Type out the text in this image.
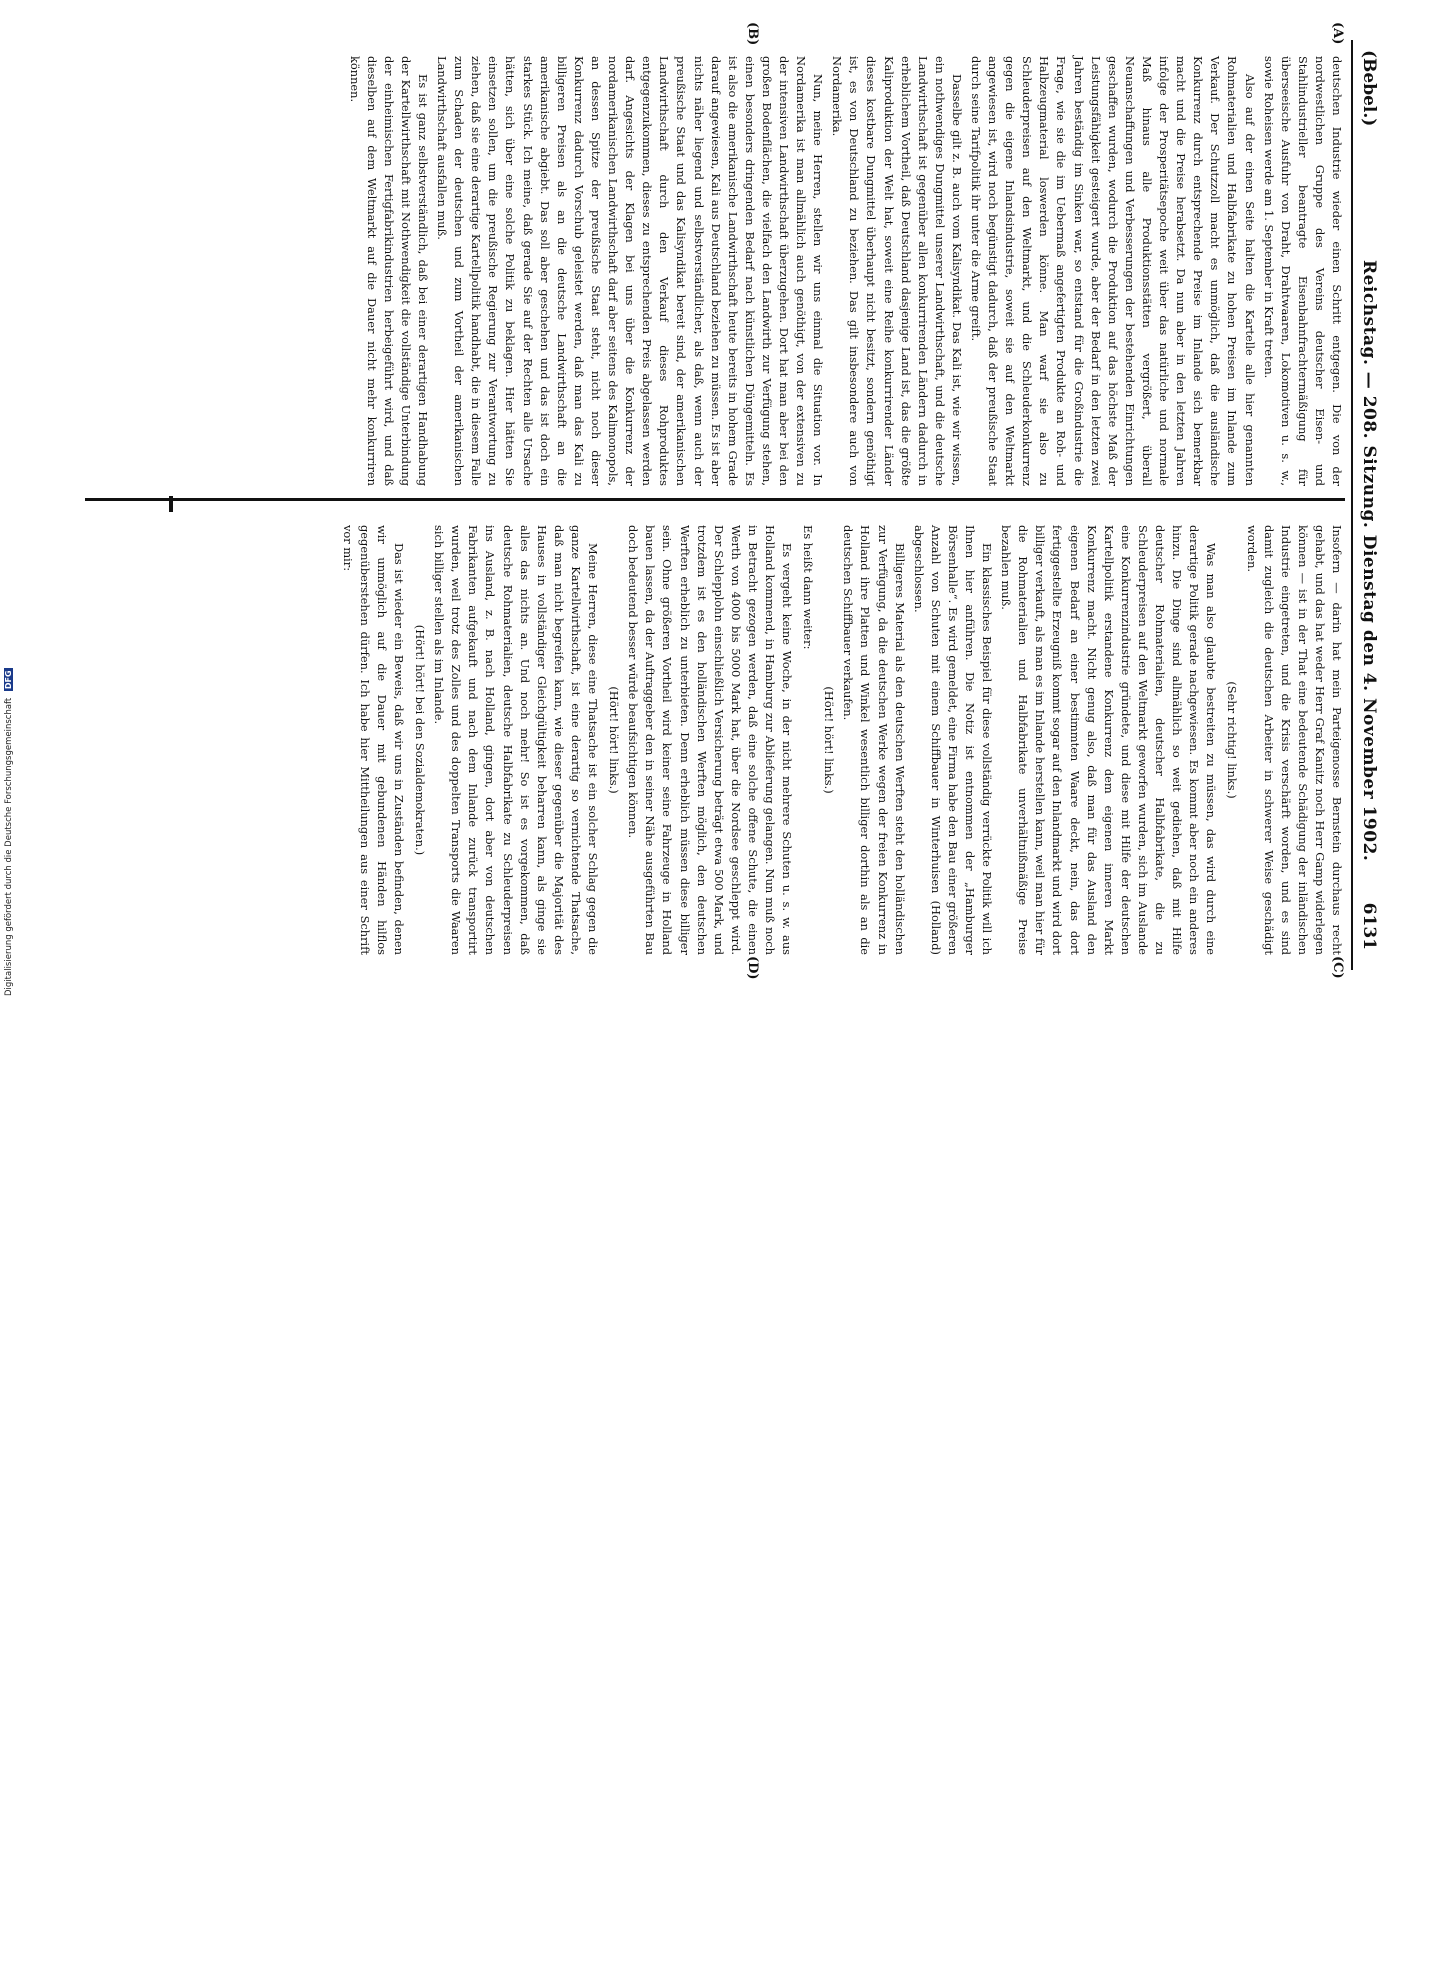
(Bebel.)
Reichstag. — 208. Sitzung. Dienstag den 4. November 1902.
6131
(A)
(B)
(C)
(D)

deutschen Industrie wieder einen Schritt entgegen. Die von der nordwestlichen Gruppe des Vereins deutscher Eisen- und Stahlindustrieller beantragte Eisenbahnfrachtermäßigung für überseeische Ausfuhr von Draht, Drahtwaaren, Lokomotiven u. s. w., sowie Roheisen werde am 1. September in Kraft treten.

Also auf der einen Seite halten die Kartelle alle hier genannten Rohmaterialien und Halbfabrikate zu hohen Preisen im Inlande zum Verkauf. Der Schutzzoll macht es unmöglich, daß die ausländische Konkurrenz durch entsprechende Preise im Inlande sich bemerkbar macht und die Preise herabsetzt. Da nun aber in den letzten Jahren infolge der Prosperitätsepoche weit über das natürliche und normale Maß hinaus alle Produktionsstätten vergrößert, überall Neuanschaffungen und Verbesserungen der bestehenden Einrichtungen geschaffen wurden, wodurch die Produktion auf das höchste Maß der Leistungsfähigkeit gesteigert wurde, aber der Bedarf in den letzten zwei Jahren beständig im Sinken war, so entstand für die Großindustrie die Frage, wie sie die im Uebermaß angefertigten Produkte an Roh- und Halbzeugmaterial loswerden könne. Man warf sie also zu Schleuderpreisen auf den Weltmarkt, und die Schleuderkonkurrenz gegen die eigene Inlandsindustrie, soweit sie auf den Weltmarkt angewiesen ist, wird noch begünstigt dadurch, daß der preußische Staat durch seine Tarifpolitik ihr unter die Arme greift.

Dasselbe gilt z. B. auch vom Kalisyndikat. Das Kali ist, wie wir wissen, ein nothwendiges Dungmittel unserer Landwirthschaft, und die deutsche Landwirthschaft ist gegenüber allen konkurrirenden Ländern dadurch in erheblichem Vortheil, daß Deutschland dasjenige Land ist, das die größte Kaliproduktion der Welt hat, soweit eine Reihe konkurrirender Länder dieses kostbare Dungmittel überhaupt nicht besitzt, sondern genöthigt ist, es von Deutschland zu beziehen. Das gilt insbesondere auch von Nordamerika.

Nun, meine Herren, stellen wir uns einmal die Situation vor. In Nordamerika ist man allmählich auch genöthigt, von der extensiven zu der intensiven Landwirthschaft überzugehen. Dort hat man aber bei den großen Bodenflächen, die vielfach den Landwirth zur Verfügung stehen, einen besonders dringenden Bedarf nach künstlichen Düngemitteln. Es ist also die amerikanische Landwirthschaft heute bereits in hohem Grade darauf angewiesen, Kali aus Deutschland beziehen zu müssen. Es ist aber nichts näher liegend und selbstverständlicher, als daß, wenn auch der preußische Staat und das Kalisyndikat bereit sind, der amerikanischen Landwirthschaft durch den Verkauf dieses Rohproduktes entgegenzukommen, dieses zu entsprechenden Preis abgelassen werden darf. Angesichts der Klagen bei uns über die Konkurrenz der nordamerikanischen Landwirthschaft darf aber seitens des Kalimonopols, an dessen Spitze der preußische Staat steht, nicht noch dieser Konkurrenz dadurch Vorschub geleistet werden, daß man das Kali zu billigeren Preisen als an die deutsche Landwirthschaft an die amerikanische abgiebt. Das soll aber geschehen und das ist doch ein starkes Stück. Ich meine, daß gerade Sie auf der Rechten alle Ursache hätten, sich über eine solche Politik zu beklagen. Hier hätten Sie einsetzen sollen, um die preußische Regierung zur Verantwortung zu ziehen, daß sie eine derartige Kartellpolitik handhabt, die in diesem Falle zum Schaden der deutschen und zum Vortheil der amerikanischen Landwirthschaft ausfallen muß.

Es ist ganz selbstverständlich, daß bei einer derartigen Handhabung der Kartellwirthschaft mit Nothwendigkeit die vollständige Unterbindung der einheimischen Fertigfabrikindustrien herbeigeführt wird, und daß dieselben auf dem Weltmarkt auf die Dauer nicht mehr konkurriren können.

Insofern — darin hat mein Parteigenosse Bernstein durchaus recht gehabt, und das hat weder Herr Graf Kanitz noch Herr Gamp widerlegen können — ist in der That eine bedeutende Schädigung der inländischen Industrie eingetreten, und die Krisis verschärft worden, und es sind damit zugleich die deutschen Arbeiter in schwerer Weise geschädigt worden.

(Sehr richtig! links.)

Was man also glaubte bestreiten zu müssen, das wird durch eine derartige Politik gerade nachgewiesen. Es kommt aber noch ein anderes hinzu. Die Dinge sind allmählich so weit gediehen, daß mit Hilfe deutscher Rohmaterialien, deutscher Halbfabrikate, die zu Schleuderpreisen auf den Weltmarkt geworfen wurden, sich im Auslande eine Konkurrenzindustrie gründete, und diese mit Hilfe der deutschen Kartellpolitik erstandene Konkurrenz dem eigenen inneren Markt Konkurrenz macht. Nicht genug also, daß man für das Ausland den eigenen Bedarf an einer bestimmten Waare deckt, nein, das dort fertiggestellte Erzeugniß kommt sogar auf den Inlandmarkt und wird dort billiger verkauft, als man es im Inlande herstellen kann, weil man hier für die Rohmaterialien und Halbfabrikate unverhältnißmäßige Preise bezahlen muß.

Ein klassisches Beispiel für diese vollständig verrückte Politik will ich Ihnen hier anführen. Die Notiz ist entnommen der „Hamburger Börsenhalle“. Es wird gemeldet, eine Firma habe den Bau einer größeren Anzahl von Schuten mit einem Schiffbauer in Winterhuisen (Holland) abgeschlossen.

Billigeres Material als den deutschen Werften steht den holländischen zur Verfügung, da die deutschen Werke wegen der freien Konkurrenz in Holland ihre Platten und Winkel wesentlich billiger dorthin als an die deutschen Schiffbauer verkaufen.

(Hört! hört! links.)

Es heißt dann weiter:

Es vergeht keine Woche, in der nicht mehrere Schuten u. s. w. aus Holland kommend, in Hamburg zur Ablieferung gelangen. Nun muß noch in Betracht gezogen werden, daß eine solche offene Schute, die einen Werth von 4000 bis 5000 Mark hat, über die Nordsee geschleppt wird. Der Schlepplohn einschließlich Versicherung beträgt etwa 500 Mark, und trotzdem ist es den holländischen Werften möglich, den deutschen Werften erheblich zu unterbieten. Denn erheblich müssen diese billiger sein. Ohne größeren Vortheil wird keiner seine Fahrzeuge in Holland bauen lassen, da der Auftraggeber den in seiner Nähe ausgeführten Bau doch bedeutend besser würde beaufsichtigen können.

(Hört! hört! links.)

Meine Herren, diese eine Thatsache ist ein solcher Schlag gegen die ganze Kartellwirthschaft, ist eine derartig so vernichtende Thatsache, daß man nicht begreifen kann, wie dieser gegenüber die Majorität des Hauses in vollständiger Gleichgültigkeit beharren kann, als ginge sie alles das nichts an. Und noch mehr! So ist es vorgekommen, daß deutsche Rohmaterialien, deutsche Halbfabrikate zu Schleuderpreisen ins Ausland, z. B. nach Holland, gingen, dort aber von deutschen Fabrikanten aufgekauft und nach dem Inlande zurück transportirt wurden, weil trotz des Zolles und des doppelten Transports die Waaren sich billiger stellen als im Inlande.

(Hört! hört! bei den Sozialdemokraten.)

Das ist wieder ein Beweis, daß wir uns in Zuständen befinden, denen wir unmöglich auf die Dauer mit gebundenen Händen hilflos gegenüberstehen dürfen. Ich habe hier Mittheilungen aus einer Schrift vor mir:

Digitalisierung gefördert durch die Deutsche Forschungsgemeinschaft DFG
